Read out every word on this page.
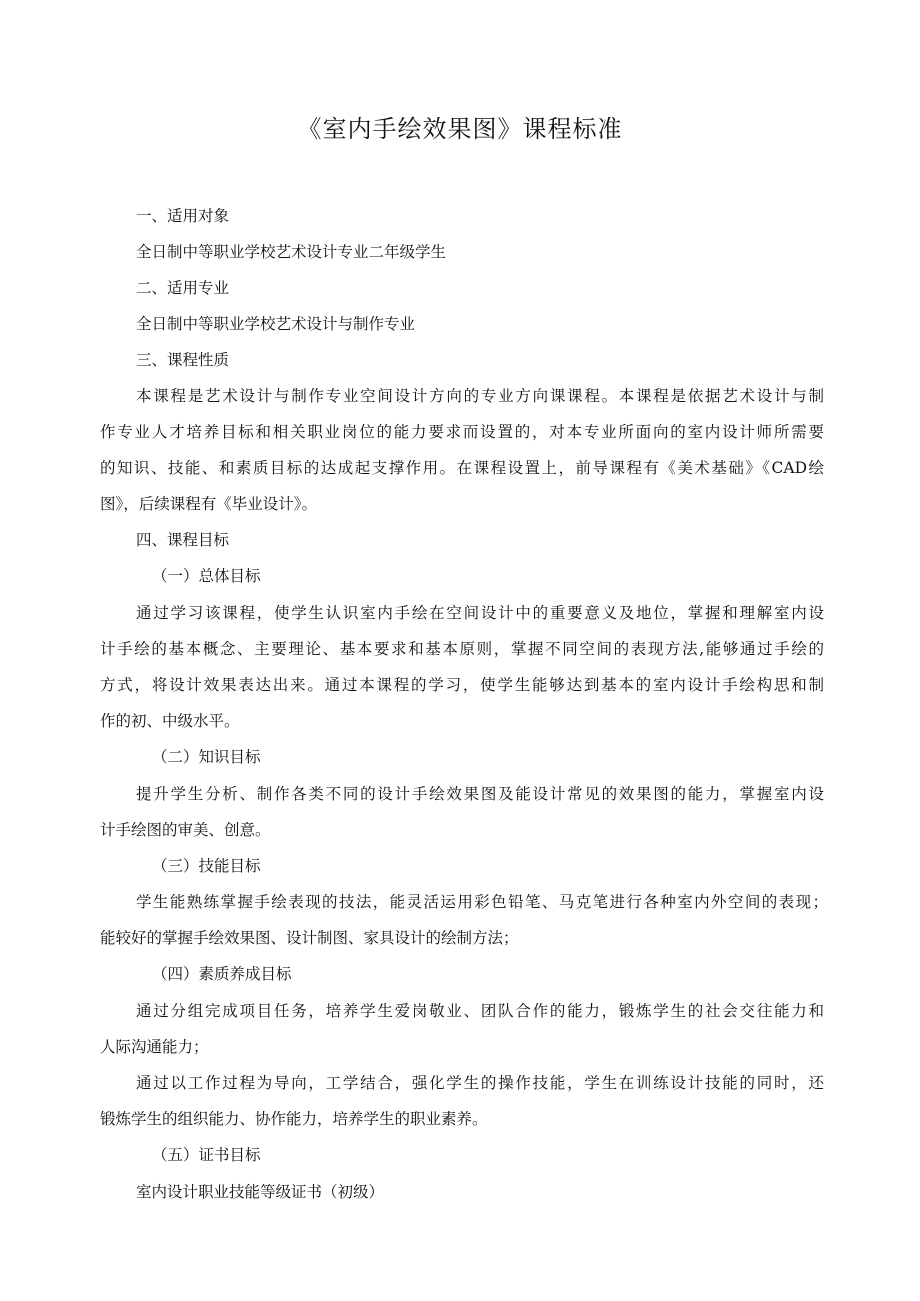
《室内手绘效果图》课程标准
一、适用对象
全日制中等职业学校艺术设计专业二年级学生
二、适用专业
全日制中等职业学校艺术设计与制作专业
三、课程性质
本课程是艺术设计与制作专业空间设计方向的专业方向课课程。本课程是依据艺术设计与制
作专业人才培养目标和相关职业岗位的能力要求而设置的，对本专业所面向的室内设计师所需要
的知识、技能、和素质目标的达成起支撑作用。在课程设置上，前导课程有《美术基础》《CAD绘
图》，后续课程有《毕业设计》。
四、课程目标
（一）总体目标
通过学习该课程，使学生认识室内手绘在空间设计中的重要意义及地位，掌握和理解室内设
计手绘的基本概念、主要理论、基本要求和基本原则，掌握不同空间的表现方法,能够通过手绘的
方式，将设计效果表达出来。通过本课程的学习，使学生能够达到基本的室内设计手绘构思和制
作的初、中级水平。
（二）知识目标
提升学生分析、制作各类不同的设计手绘效果图及能设计常见的效果图的能力，掌握室内设
计手绘图的审美、创意。
（三）技能目标
学生能熟练掌握手绘表现的技法，能灵活运用彩色铅笔、马克笔进行各种室内外空间的表现；
能较好的掌握手绘效果图、设计制图、家具设计的绘制方法；
（四）素质养成目标
通过分组完成项目任务，培养学生爱岗敬业、团队合作的能力，锻炼学生的社会交往能力和
人际沟通能力；
通过以工作过程为导向，工学结合，强化学生的操作技能，学生在训练设计技能的同时，还
锻炼学生的组织能力、协作能力，培养学生的职业素养。
（五）证书目标
室内设计职业技能等级证书（初级）
